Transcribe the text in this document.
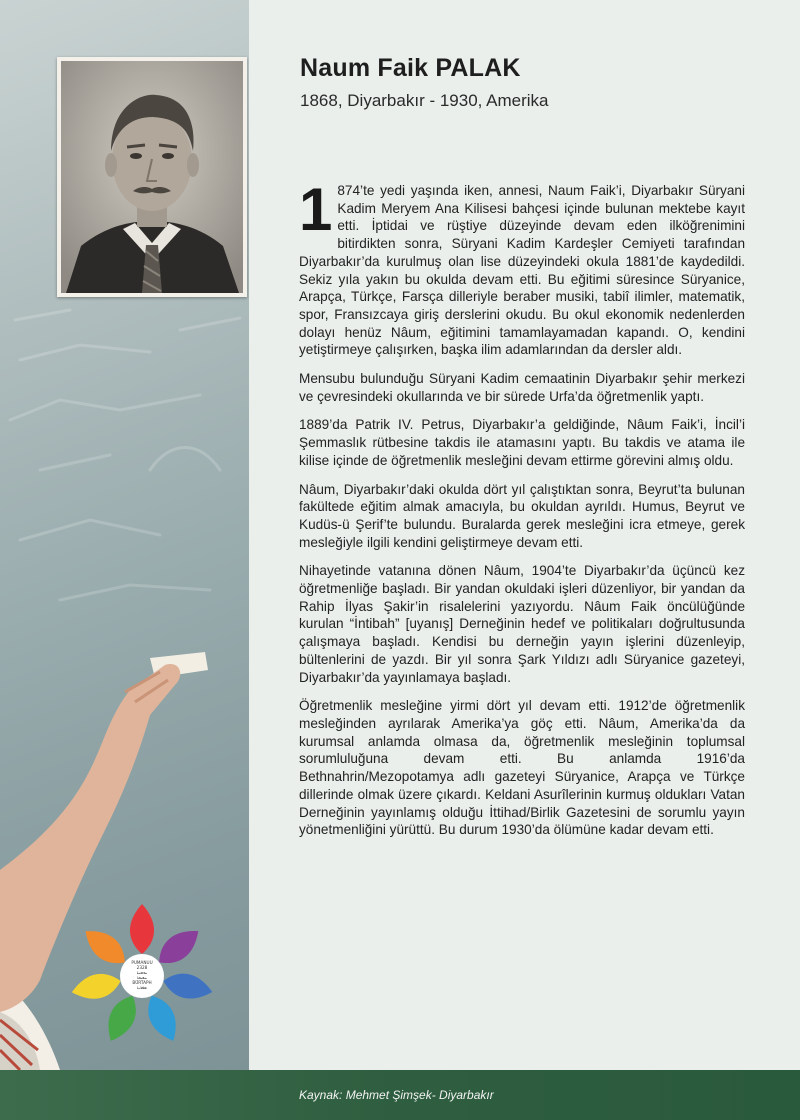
PUMANUU
2328
ܝܘܡܢܐ
ܚܒܝܒܐ
BÜRTAPH
ܣܦܪܝܐ
Naum Faik PALAK

1868, Diyarbakır - 1930, Amerika

1 874’te yedi yaşında iken, annesi, Naum Faik’i, Diyarbakır Süryani Kadim Meryem Ana Kilisesi bahçesi içinde bulunan mektebe kayıt etti. İptidai ve rüştiye düzeyinde devam eden ilköğrenimini bitirdikten sonra, Süryani Kadim Kardeşler Cemiyeti tarafından Diyarbakır’da kurulmuş olan lise düzeyindeki okula 1881’de kaydedildi. Sekiz yıla yakın bu okulda devam etti. Bu eğitimi süresince Süryanice, Arapça, Türkçe, Farsça dilleriyle beraber musiki, tabiî ilimler, matematik, spor, Fransızcaya giriş derslerini okudu. Bu okul ekonomik nedenlerden dolayı henüz Nâum, eğitimini tamamlayamadan kapandı. O, kendini yetiştirmeye çalışırken, başka ilim adamlarından da dersler aldı.

Mensubu bulunduğu Süryani Kadim cemaatinin Diyarbakır şehir merkezi ve çevresindeki okullarında ve bir sürede Urfa’da öğretmenlik yaptı.

1889’da Patrik IV. Petrus, Diyarbakır’a geldiğinde, Nâum Faik’i, İncil’i Şemmaslık rütbesine takdis ile atamasını yaptı. Bu takdis ve atama ile kilise içinde de öğretmenlik mesleğini devam ettirme görevini almış oldu.

Nâum, Diyarbakır’daki okulda dört yıl çalıştıktan sonra, Beyrut’ta bulunan fakültede eğitim almak amacıyla, bu okuldan ayrıldı. Humus, Beyrut ve Kudüs-ü Şerif’te bulundu. Buralarda gerek mesleğini icra etmeye, gerek mesleğiyle ilgili kendini geliştirmeye devam etti.

Nihayetinde vatanına dönen Nâum, 1904’te Diyarbakır’da üçüncü kez öğretmenliğe başladı. Bir yandan okuldaki işleri düzenliyor, bir yandan da Rahip İlyas Şakir’in risalelerini yazıyordu. Nâum Faik öncülüğünde kurulan “İntibah” [uyanış] Derneğinin hedef ve politikaları doğrultusunda çalışmaya başladı. Kendisi bu derneğin yayın işlerini düzenleyip, bültenlerini de yazdı. Bir yıl sonra Şark Yıldızı adlı Süryanice gazeteyi, Diyarbakır’da yayınlamaya başladı.

Öğretmenlik mesleğine yirmi dört yıl devam etti. 1912’de öğretmenlik mesleğinden ayrılarak Amerika’ya göç etti. Nâum, Amerika’da da kurumsal anlamda olmasa da, öğretmenlik mesleğinin toplumsal sorumluluğuna devam etti. Bu anlamda 1916’da Bethnahrin/Mezopotamya adlı gazeteyi Süryanice, Arapça ve Türkçe dillerinde olmak üzere çıkardı. Keldani Asurîlerinin kurmuş oldukları Vatan Derneğinin yayınlamış olduğu İttihad/Birlik Gazetesini de sorumlu yayın yönetmenliğini yürüttü. Bu durum 1930’da ölümüne kadar devam etti.

Kaynak: Mehmet Şimşek- Diyarbakır
